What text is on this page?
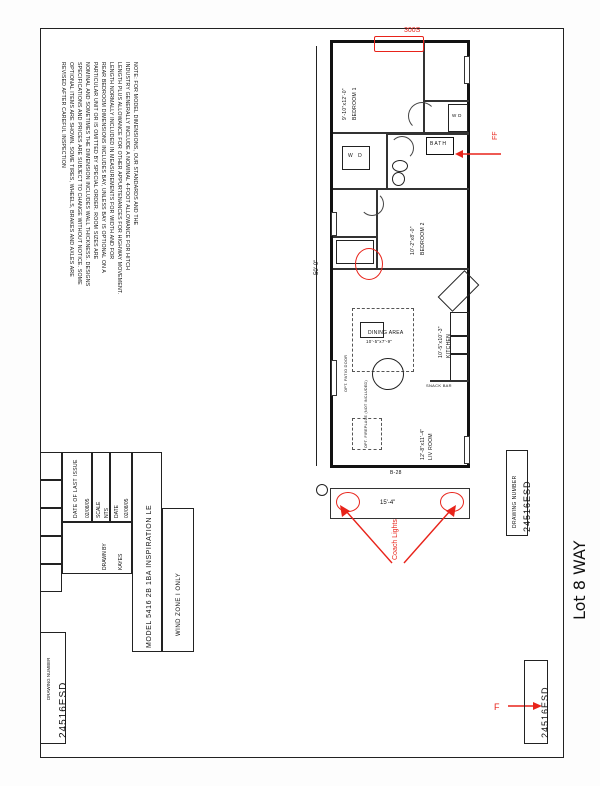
NOTE: FOR MODEL DIMENSIONS, OUR STANDARDS AND THE
INDUSTRY GENERALLY INCLUDE A NOMINAL 4-FOOT ALLOWANCE FOR HITCH
LENGTH PLUS ALLOWANCE FOR OTHER APPURTENANCES FOR HIGHWAY MOVEMENT.
LENGTH NORMALLY INCLUDED IN MEASUREMENTS FOR WIDTH AND FOR
REAR BEDROOM DIMENSIONS INCLUDES BAY, UNLESS BAY IS OPTIONAL ON A
PARTICULAR UNIT OR IS OMITTED BY SPECIAL ORDER. ROOM SIZES ARE
NOMINAL AND SOMETIMES THE DIMENSION INCLUDES WALL THICKNESS. DESIGNS
SPECIFICATIONS AND PRICES ARE SUBJECT TO CHANGE WITHOUT NOTICE. SOME
OPTIONAL ITEMS ARE SHOWN. SOME TIRES, WHEELS, BRAKES AND AXLES ARE
REVISED AFTER CAREFUL INSPECTION	BEDROOM 1
9'-10"x12'-0"	W D
W D
BATH
BEDROOM 2
10'-2"x8'-0"
KITCHEN
10'-5"x10'-3"
SNACK BAR
DINING AREA
10'-5"x7'-9"
LIV ROOM
12'-8"x11'-4"
OPT. FIREPLACE (NOT INCLUDED)
OPT. PATIO DOOR
B-28
15'-4"
50'-0"
300S
FF
Coach Lights
F
Lot 8 WAY
DATE OF LAST ISSUE 02/08/05 SCALE NTS DATE 02/08/05
DRAWN BY KAYES	MODEL 5416 2B 1BA INSPIRATION LE	WIND ZONE I ONLY
DRAWING NUMBER 24516ESD
24516ESD
DRAWING NUMBER
24516ESD
